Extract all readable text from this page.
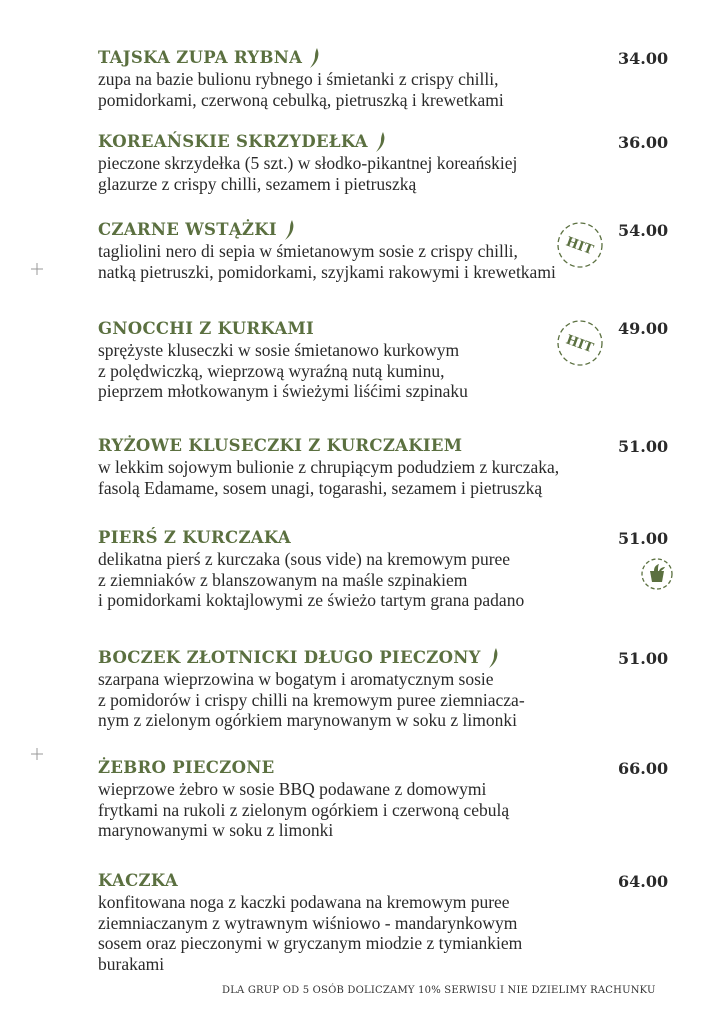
TAJSKA ZUPA RYBNA
zupa na bazie bulionu rybnego i śmietanki z crispy chilli,
pomidorkami, czerwoną cebulką, pietruszką i krewetkami
34.00
KOREAŃSKIE SKRZYDEŁKA
pieczone skrzydełka (5 szt.) w słodko-pikantnej koreańskiej
glazurze z crispy chilli, sezamem i pietruszką
36.00
CZARNE WSTĄŻKI
tagliolini nero di sepia w śmietanowym sosie z crispy chilli,
natką pietruszki, pomidorkami, szyjkami rakowymi i krewetkami
54.00
HIT
GNOCCHI Z KURKAMI
sprężyste kluseczki w sosie śmietanowo kurkowym
z polędwiczką, wieprzową wyraźną nutą kuminu,
pieprzem młotkowanym i świeżymi liśćimi szpinaku
49.00
HIT
RYŻOWE KLUSECZKI Z KURCZAKIEM
w lekkim sojowym bulionie z chrupiącym podudziem z kurczaka,
fasolą Edamame, sosem unagi, togarashi, sezamem i pietruszką
51.00
PIERŚ Z KURCZAKA
delikatna pierś z kurczaka (sous vide) na kremowym puree
z ziemniaków z blanszowanym na maśle szpinakiem
i pomidorkami koktajlowymi ze świeżo tartym grana padano
51.00
BOCZEK ZŁOTNICKI DŁUGO PIECZONY
szarpana wieprzowina w bogatym i aromatycznym sosie
z pomidorów i crispy chilli na kremowym puree ziemniacza-
nym z zielonym ogórkiem marynowanym w soku z limonki
51.00
ŻEBRO PIECZONE
wieprzowe żebro w sosie BBQ podawane z domowymi
frytkami na rukoli z zielonym ogórkiem i czerwoną cebulą
marynowanymi w soku z limonki
66.00
KACZKA
konfitowana noga z kaczki podawana na kremowym puree
ziemniaczanym z wytrawnym wiśniowo - mandarynkowym
sosem oraz pieczonymi w gryczanym miodzie z tymiankiem
burakami
64.00
DLA GRUP OD 5 OSÓB DOLICZAMY 10% SERWISU I NIE DZIELIMY RACHUNKU
